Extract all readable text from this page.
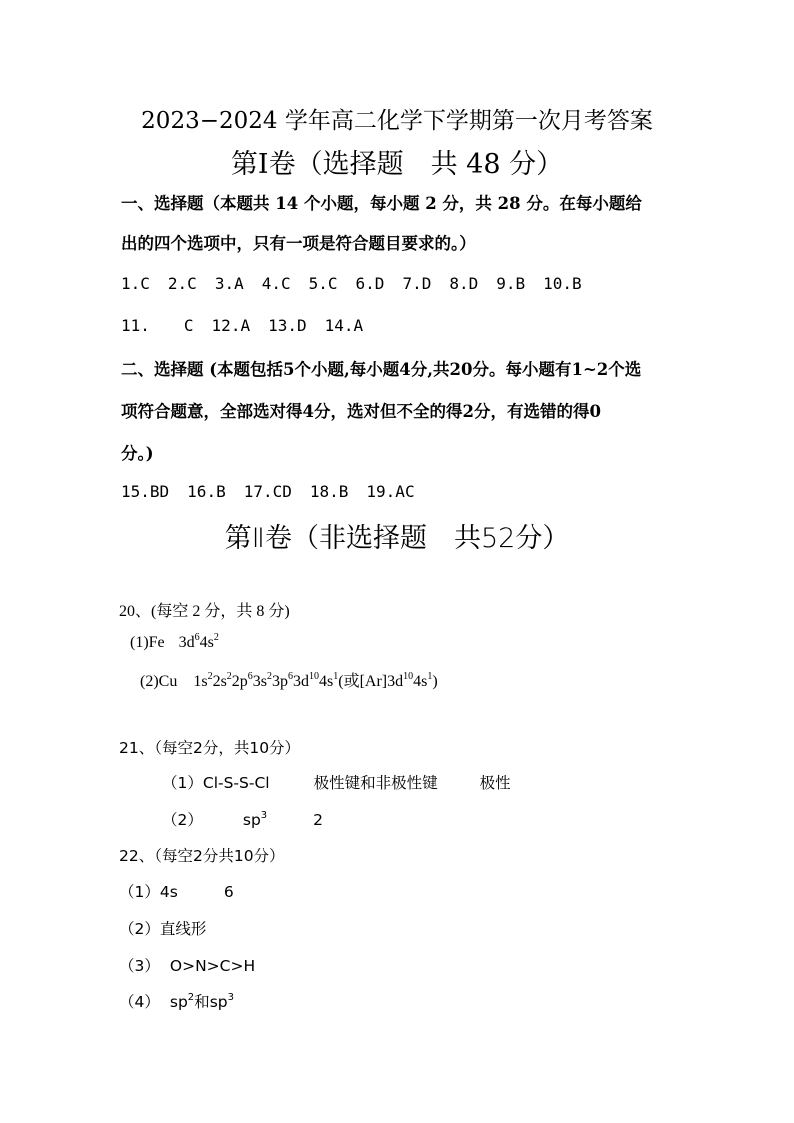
2023−2024 学年高二化学下学期第一次月考答案
第Ⅰ卷（选择题　共 48 分）
一、选择题（本题共 14 个小题，每小题 2 分，共 28 分。在每小题给
出的四个选项中，只有一项是符合题目要求的。）
1.C 2.C 3.A 4.C 5.C 6.D 7.D 8.D 9.B 10.B
11. C 12.A 13.D 14.A
二、选择题 (本题包括5个小题,每小题4分,共20分。每小题有1~2个选
项符合题意，全部选对得4分，选对但不全的得2分，有选错的得0
分。)
15.BD 16.B 17.CD 18.B 19.AC
第Ⅱ卷（非选择题　共52分）
20、(每空 2 分，共 8 分)
(1)Fe $3d^64s^2$
(2)Cu $1s^22s^22p^63s^23p^63d^{10}4s^1$(或$[Ar]3d^{10}4s^1$)
21、（每空2分，共10分）
（1）Cl-S-S-Cl	极性键和非极性键	极性
（2）	$sp^3$	2
22、（每空2分共10分）
（1）4s	6
（2）直线形
（3） O>N>C>H
（4） $sp^2$和$sp^3$
